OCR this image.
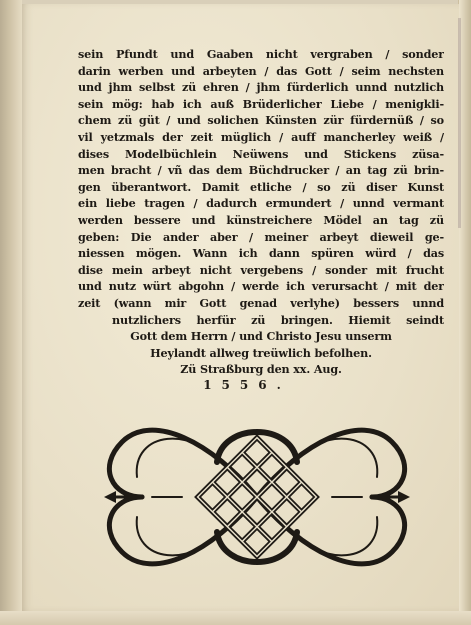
sein Pfundt und Gaaben nicht vergraben / sonder
darin werben und arbeyten / das Gott / seim nechsten
und jhm selbst zü ehren / jhm fürderlich unnd nutzlich
sein mög: hab ich auß Brüderlicher Liebe / menigkli-
chem zü güt / und solichen Künsten zür fürdernüß / so
vil yetzmals der zeit müglich / auff mancherley weiß /
dises Modelbüchlein Neüwens und Stickens züsa-
men bracht / vñ das dem Büchdrucker / an tag zü brin-
gen überantwort. Damit etliche / so zü diser Kunst
ein liebe tragen / dadurch ermundert / unnd vermant
werden bessere und künstreichere Mödel an tag zü
geben: Die ander aber / meiner arbeyt dieweil ge-
niessen mögen. Wann ich dann spüren würd / das
dise mein arbeyt nicht vergebens / sonder mit frucht
und nutz würt abgohn / werde ich verursacht / mit der
zeit (wann mir Gott genad verlyhe) bessers unnd
nutzlichers herfür zü bringen. Hiemit seindt
Gott dem Herrn / und Christo Jesu unserm
Heylandt allweg treüwlich befolhen.
Zü Straßburg den xx. Aug.
1556.
